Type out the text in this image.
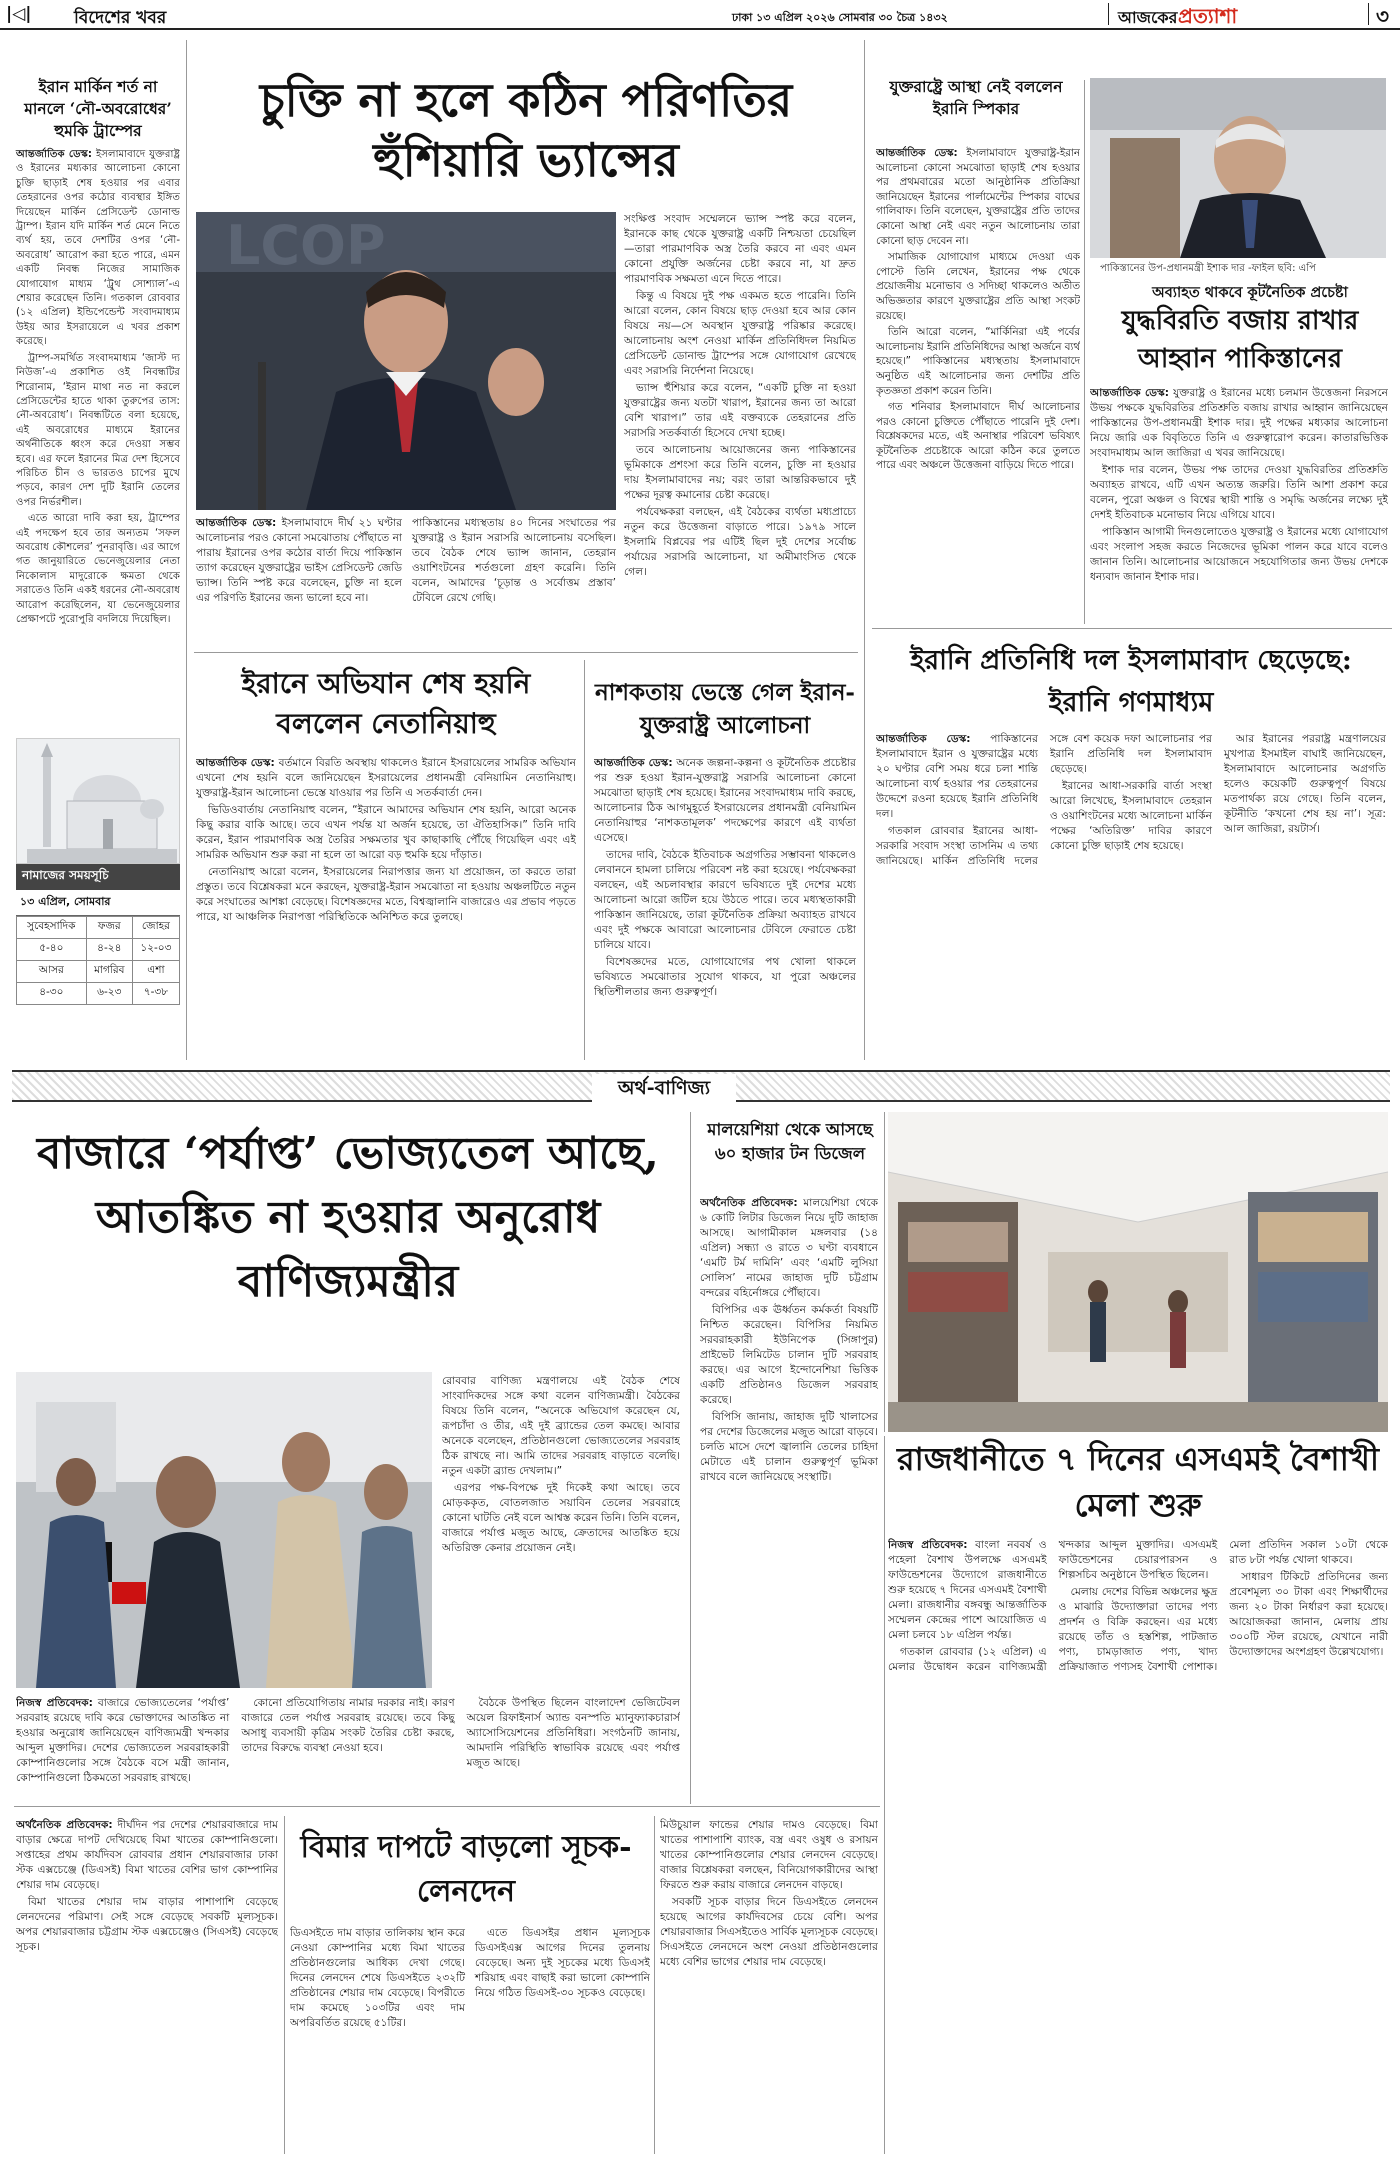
|◁|	বিদেশের খবর	ঢাকা ১৩ এপ্রিল ২০২৬ সোমবার ৩০ চৈত্র ১৪৩২	আজকের প্রত্যাশা	৩
ইরান মার্কিন শর্ত না মানলে ‘নৌ-অবরোধের’ হুমকি ট্রাম্পের

আন্তর্জাতিক ডেস্ক: ইসলামাবাদে যুক্তরাষ্ট্র ও ইরানের মধ্যকার আলোচনা কোনো চুক্তি ছাড়াই শেষ হওয়ার পর এবার তেহরানের ওপর কঠোর ব্যবস্থার ইঙ্গিত দিয়েছেন মার্কিন প্রেসিডেন্ট ডোনাল্ড ট্রাম্প। ইরান যদি মার্কিন শর্ত মেনে নিতে ব্যর্থ হয়, তবে দেশটির ওপর ‘নৌ-অবরোধ’ আরোপ করা হতে পারে, এমন একটি নিবন্ধ নিজের সামাজিক যোগাযোগ মাধ্যম ‘ট্রুথ সোশ্যাল’-এ শেয়ার করেছেন তিনি। গতকাল রোববার (১২ এপ্রিল) ইন্ডিপেন্ডেন্ট সংবাদমাধ্যম উইয় আর ইসরায়েলে এ খবর প্রকাশ করেছে।

ট্রাম্প-সমর্থিত সংবাদমাধ্যম ‘জাস্ট দ্য নিউজ’-এ প্রকাশিত ওই নিবন্ধটির শিরোনাম, ‘ইরান মাথা নত না করলে প্রেসিডেন্টের হাতে থাকা তুরুপের তাস: নৌ-অবরোধ’। নিবন্ধটিতে বলা হয়েছে, এই অবরোধের মাধ্যমে ইরানের অর্থনীতিকে ধ্বংস করে দেওয়া সম্ভব হবে। এর ফলে ইরানের মিত্র দেশ হিসেবে পরিচিত চীন ও ভারতও চাপের মুখে পড়বে, কারণ দেশ দুটি ইরানি তেলের ওপর নির্ভরশীল।

এতে আরো দাবি করা হয়, ট্রাম্পের এই পদক্ষেপ হবে তার অন্যতম ‘সফল অবরোধ কৌশলের’ পুনরাবৃত্তি। এর আগে গত জানুয়ারিতে ভেনেজুয়েলার নেতা নিকোলাস মাদুরোকে ক্ষমতা থেকে সরাতেও তিনি একই ধরনের নৌ-অবরোধ আরোপ করেছিলেন, যা ভেনেজুয়েলার প্রেক্ষাপটে পুরোপুরি বদলিয়ে দিয়েছিল।

নামাজের সময়সূচি
১৩ এপ্রিল, সোমবার
সুবেহসাদিক	ফজর	জোহর
৫-৪০	৪-২৪	১২-০৩
আসর	মাগরিব	এশা
৪-৩০	৬-২৩	৭-৩৮
চুক্তি না হলে কঠিন পরিণতির হুঁশিয়ারি ভ্যান্সের
LCOP

আন্তর্জাতিক ডেস্ক: ইসলামাবাদে দীর্ঘ ২১ ঘণ্টার আলোচনার পরও কোনো সমঝোতায় পৌঁছাতে না পারায় ইরানের ওপর কঠোর বার্তা দিয়ে পাকিস্তান ত্যাগ করেছেন যুক্তরাষ্ট্রের ভাইস প্রেসিডেন্ট জেডি ভ্যান্স। তিনি স্পষ্ট করে বলেছেন, চুক্তি না হলে এর পরিণতি ইরানের জন্য ভালো হবে না।

পাকিস্তানের মধ্যস্থতায় ৪০ দিনের সংঘাতের পর যুক্তরাষ্ট্র ও ইরান সরাসরি আলোচনায় বসেছিল। তবে বৈঠক শেষে ভ্যান্স জানান, তেহরান ওয়াশিংটনের শর্তগুলো গ্রহণ করেনি। তিনি বলেন, আমাদের ‘চূড়ান্ত ও সর্বোত্তম প্রস্তাব’ টেবিলে রেখে গেছি।

সংক্ষিপ্ত সংবাদ সম্মেলনে ভ্যান্স স্পষ্ট করে বলেন, ইরানকে কাছ থেকে যুক্তরাষ্ট্র একটি নিশ্চয়তা চেয়েছিল—তারা পারমাণবিক অস্ত্র তৈরি করবে না এবং এমন কোনো প্রযুক্তি অর্জনের চেষ্টা করবে না, যা দ্রুত পারমাণবিক সক্ষমতা এনে দিতে পারে।

কিন্তু এ বিষয়ে দুই পক্ষ একমত হতে পারেনি। তিনি আরো বলেন, কোন বিষয়ে ছাড় দেওয়া হবে আর কোন বিষয়ে নয়—সে অবস্থান যুক্তরাষ্ট্র পরিষ্কার করেছে। আলোচনায় অংশ নেওয়া মার্কিন প্রতিনিধিদল নিয়মিত প্রেসিডেন্ট ডোনাল্ড ট্রাম্পের সঙ্গে যোগাযোগ রেখেছে এবং সরাসরি নির্দেশনা নিয়েছে।

ভ্যান্স হুঁশিয়ার করে বলেন, “একটি চুক্তি না হওয়া যুক্তরাষ্ট্রের জন্য যতটা খারাপ, ইরানের জন্য তা আরো বেশি খারাপ।” তার এই বক্তব্যকে তেহরানের প্রতি সরাসরি সতর্কবার্তা হিসেবে দেখা হচ্ছে।

তবে আলোচনায় আয়োজনের জন্য পাকিস্তানের ভূমিকাকে প্রশংসা করে তিনি বলেন, চুক্তি না হওয়ার দায় ইসলামাবাদের নয়; বরং তারা আন্তরিকভাবে দুই পক্ষের দূরত্ব কমানোর চেষ্টা করেছে।

পর্যবেক্ষকরা বলছেন, এই বৈঠকের ব্যর্থতা মধ্যপ্রাচ্যে নতুন করে উত্তেজনা বাড়াতে পারে। ১৯৭৯ সালে ইসলামি বিপ্লবের পর এটিই ছিল দুই দেশের সর্বোচ্চ পর্যায়ের সরাসরি আলোচনা, যা অমীমাংসিত থেকে গেল।

ইরানে অভিযান শেষ হয়নি বললেন নেতানিয়াহু

আন্তর্জাতিক ডেস্ক: বর্তমানে বিরতি অবস্থায় থাকলেও ইরানে ইসরায়েলের সামরিক অভিযান এখনো শেষ হয়নি বলে জানিয়েছেন ইসরায়েলের প্রধানমন্ত্রী বেনিয়ামিন নেতানিয়াহু। যুক্তরাষ্ট্র-ইরান আলোচনা ভেস্তে যাওয়ার পর তিনি এ সতর্কবার্তা দেন।

ভিডিওবার্তায় নেতানিয়াহু বলেন, “ইরানে আমাদের অভিযান শেষ হয়নি, আরো অনেক কিছু করার বাকি আছে। তবে এখন পর্যন্ত যা অর্জন হয়েছে, তা ঐতিহাসিক।” তিনি দাবি করেন, ইরান পারমাণবিক অস্ত্র তৈরির সক্ষমতার খুব কাছাকাছি পৌঁছে গিয়েছিল এবং এই সামরিক অভিযান শুরু করা না হলে তা আরো বড় হুমকি হয়ে দাঁড়াত।

নেতানিয়াহু আরো বলেন, ইসরায়েলের নিরাপত্তার জন্য যা প্রয়োজন, তা করতে তারা প্রস্তুত। তবে বিশ্লেষকরা মনে করছেন, যুক্তরাষ্ট্র-ইরান সমঝোতা না হওয়ায় অঞ্চলটিতে নতুন করে সংঘাতের আশঙ্কা বেড়েছে। বিশেষজ্ঞদের মতে, বিশ্বজ্বালানি বাজারেও এর প্রভাব পড়তে পারে, যা আঞ্চলিক নিরাপত্তা পরিস্থিতিকে অনিশ্চিত করে তুলছে।

নাশকতায় ভেস্তে গেল ইরান-যুক্তরাষ্ট্র আলোচনা

আন্তর্জাতিক ডেস্ক: অনেক জল্পনা-কল্পনা ও কূটনৈতিক প্রচেষ্টার পর শুরু হওয়া ইরান-যুক্তরাষ্ট্র সরাসরি আলোচনা কোনো সমঝোতা ছাড়াই শেষ হয়েছে। ইরানের সংবাদমাধ্যম দাবি করছে, আলোচনার ঠিক আগমুহূর্তে ইসরায়েলের প্রধানমন্ত্রী বেনিয়ামিন নেতানিয়াহুর ‘নাশকতামূলক’ পদক্ষেপের কারণে এই ব্যর্থতা এসেছে।

তাদের দাবি, বৈঠকে ইতিবাচক অগ্রগতির সম্ভাবনা থাকলেও লেবাননে হামলা চালিয়ে পরিবেশ নষ্ট করা হয়েছে। পর্যবেক্ষকরা বলছেন, এই অচলাবস্থার কারণে ভবিষ্যতে দুই দেশের মধ্যে আলোচনা আরো জটিল হয়ে উঠতে পারে। তবে মধ্যস্থতাকারী পাকিস্তান জানিয়েছে, তারা কূটনৈতিক প্রক্রিয়া অব্যাহত রাখবে এবং দুই পক্ষকে আবারো আলোচনার টেবিলে ফেরাতে চেষ্টা চালিয়ে যাবে।

বিশেষজ্ঞদের মতে, যোগাযোগের পথ খোলা থাকলে ভবিষ্যতে সমঝোতার সুযোগ থাকবে, যা পুরো অঞ্চলের স্থিতিশীলতার জন্য গুরুত্বপূর্ণ।

যুক্তরাষ্ট্রে আস্থা নেই বললেন ইরানি স্পিকার

আন্তর্জাতিক ডেস্ক: ইসলামাবাদে যুক্তরাষ্ট্র-ইরান আলোচনা কোনো সমঝোতা ছাড়াই শেষ হওয়ার পর প্রথমবারের মতো আনুষ্ঠানিক প্রতিক্রিয়া জানিয়েছেন ইরানের পার্লামেন্টের স্পিকার বাঘের গালিবাফ। তিনি বলেছেন, যুক্তরাষ্ট্রের প্রতি তাদের কোনো আস্থা নেই এবং নতুন আলোচনায় তারা কোনো ছাড় দেবেন না।

সামাজিক যোগাযোগ মাধ্যমে দেওয়া এক পোস্টে তিনি লেখেন, ইরানের পক্ষ থেকে প্রয়োজনীয় মনোভাব ও সদিচ্ছা থাকলেও অতীত অভিজ্ঞতার কারণে যুক্তরাষ্ট্রের প্রতি আস্থা সংকট রয়েছে।

তিনি আরো বলেন, “মার্কিনিরা এই পর্বের আলোচনায় ইরানি প্রতিনিধিদের আস্থা অর্জনে ব্যর্থ হয়েছে।” পাকিস্তানের মধ্যস্থতায় ইসলামাবাদে অনুষ্ঠিত এই আলোচনার জন্য দেশটির প্রতি কৃতজ্ঞতা প্রকাশ করেন তিনি।

গত শনিবার ইসলামাবাদে দীর্ঘ আলোচনার পরও কোনো চুক্তিতে পৌঁছাতে পারেনি দুই দেশ। বিশ্লেষকদের মতে, এই অনাস্থার পরিবেশ ভবিষ্যৎ কূটনৈতিক প্রচেষ্টাকে আরো কঠিন করে তুলতে পারে এবং অঞ্চলে উত্তেজনা বাড়িয়ে দিতে পারে।

পাকিস্তানের উপ-প্রধানমন্ত্রী ইশাক দার -ফাইল ছবি: এপি

অব্যাহত থাকবে কূটনৈতিক প্রচেষ্টা

যুদ্ধবিরতি বজায় রাখার আহ্বান পাকিস্তানের

আন্তর্জাতিক ডেস্ক: যুক্তরাষ্ট্র ও ইরানের মধ্যে চলমান উত্তেজনা নিরসনে উভয় পক্ষকে যুদ্ধবিরতির প্রতিশ্রুতি বজায় রাখার আহ্বান জানিয়েছেন পাকিস্তানের উপ-প্রধানমন্ত্রী ইশাক দার। দুই পক্ষের মধ্যকার আলোচনা নিয়ে জারি এক বিবৃতিতে তিনি এ গুরুত্বারোপ করেন। কাতারভিত্তিক সংবাদমাধ্যম আল জাজিরা এ খবর জানিয়েছে।

ইশাক দার বলেন, উভয় পক্ষ তাদের দেওয়া যুদ্ধবিরতির প্রতিশ্রুতি অব্যাহত রাখবে, এটি এখন অত্যন্ত জরুরি। তিনি আশা প্রকাশ করে বলেন, পুরো অঞ্চল ও বিশ্বের স্থায়ী শান্তি ও সমৃদ্ধি অর্জনের লক্ষ্যে দুই দেশই ইতিবাচক মনোভাব নিয়ে এগিয়ে যাবে।

পাকিস্তান আগামী দিনগুলোতেও যুক্তরাষ্ট্র ও ইরানের মধ্যে যোগাযোগ এবং সংলাপ সহজ করতে নিজেদের ভূমিকা পালন করে যাবে বলেও জানান তিনি। আলোচনার আয়োজনে সহযোগিতার জন্য উভয় দেশকে ধন্যবাদ জানান ইশাক দার।

ইরানি প্রতিনিধি দল ইসলামাবাদ ছেড়েছে: ইরানি গণমাধ্যম

আন্তর্জাতিক ডেস্ক: পাকিস্তানের ইসলামাবাদে ইরান ও যুক্তরাষ্ট্রের মধ্যে ২০ ঘণ্টার বেশি সময় ধরে চলা শান্তি আলোচনা ব্যর্থ হওয়ার পর তেহরানের উদ্দেশে রওনা হয়েছে ইরানি প্রতিনিধি দল।

গতকাল রোববার ইরানের আধা-সরকারি সংবাদ সংস্থা তাসনিম এ তথ্য জানিয়েছে। মার্কিন প্রতিনিধি দলের সঙ্গে বেশ কয়েক দফা আলোচনার পর ইরানি প্রতিনিধি দল ইসলামাবাদ ছেড়েছে।

ইরানের আধা-সরকারি বার্তা সংস্থা আরো লিখেছে, ইসলামাবাদে তেহরান ও ওয়াশিংটনের মধ্যে আলোচনা মার্কিন পক্ষের ‘অতিরিক্ত’ দাবির কারণে কোনো চুক্তি ছাড়াই শেষ হয়েছে।

আর ইরানের পররাষ্ট্র মন্ত্রণালয়ের মুখপাত্র ইসমাইল বাঘাই জানিয়েছেন, ইসলামাবাদে আলোচনার অগ্রগতি হলেও কয়েকটি গুরুত্বপূর্ণ বিষয়ে মতপার্থক্য রয়ে গেছে। তিনি বলেন, কূটনীতি ‘কখনো শেষ হয় না’। সূত্র: আল জাজিরা, রয়টার্স।

অর্থ-বাণিজ্য
বাজারে ‘পর্যাপ্ত’ ভোজ্যতেল আছে, আতঙ্কিত না হওয়ার অনুরোধ বাণিজ্যমন্ত্রীর

রোববার বাণিজ্য মন্ত্রণালয়ে এই বৈঠক শেষে সাংবাদিকদের সঙ্গে কথা বলেন বাণিজ্যমন্ত্রী। বৈঠকের বিষয়ে তিনি বলেন, “অনেকে অভিযোগ করেছেন যে, রূপচাঁদা ও তীর, এই দুই ব্র্যান্ডের তেল কমছে। আবার অনেকে বলেছেন, প্রতিষ্ঠানগুলো ভোজ্যতেলের সরবরাহ ঠিক রাখছে না। আমি তাদের সরবরাহ বাড়াতে বলেছি। নতুন একটা ব্র্যান্ড দেখলাম।”

এরপর পক্ষ-বিপক্ষে দুই দিকেই কথা আছে। তবে মোড়ককৃত, বোতলজাত সয়াবিন তেলের সরবরাহে কোনো ঘাটতি নেই বলে আশ্বস্ত করেন তিনি। তিনি বলেন, বাজারে পর্যাপ্ত মজুত আছে, ক্রেতাদের আতঙ্কিত হয়ে অতিরিক্ত কেনার প্রয়োজন নেই।

নিজস্ব প্রতিবেদক: বাজারে ভোজ্যতেলের ‘পর্যাপ্ত’ সরবরাহ রয়েছে দাবি করে ভোক্তাদের আতঙ্কিত না হওয়ার অনুরোধ জানিয়েছেন বাণিজ্যমন্ত্রী খন্দকার আব্দুল মুক্তাদির। দেশের ভোজ্যতেল সরবরাহকারী কোম্পানিগুলোর সঙ্গে বৈঠকে বসে মন্ত্রী জানান, কোম্পানিগুলো ঠিকমতো সরবরাহ রাখছে।

কোনো প্রতিযোগিতায় নামার দরকার নাই। কারণ বাজারে তেল পর্যাপ্ত সরবরাহ রয়েছে। তবে কিছু অসাধু ব্যবসায়ী কৃত্রিম সংকট তৈরির চেষ্টা করছে, তাদের বিরুদ্ধে ব্যবস্থা নেওয়া হবে।

বৈঠকে উপস্থিত ছিলেন বাংলাদেশ ভেজিটেবল অয়েল রিফাইনার্স অ্যান্ড বনস্পতি ম্যানুফ্যাকচারার্স অ্যাসোসিয়েশনের প্রতিনিধিরা। সংগঠনটি জানায়, আমদানি পরিস্থিতি স্বাভাবিক রয়েছে এবং পর্যাপ্ত মজুত আছে।

মালয়েশিয়া থেকে আসছে ৬০ হাজার টন ডিজেল

অর্থনৈতিক প্রতিবেদক: মালয়েশিয়া থেকে ৬ কোটি লিটার ডিজেল নিয়ে দুটি জাহাজ আসছে। আগামীকাল মঙ্গলবার (১৪ এপ্রিল) সন্ধ্যা ও রাতে ৩ ঘণ্টা ব্যবধানে ‘এমটি টর্ম দামিনি’ এবং ‘এমটি লুসিয়া সোলিস’ নামের জাহাজ দুটি চট্টগ্রাম বন্দরের বহির্নোঙ্গরে পৌঁছাবে।

বিপিসির এক ঊর্ধ্বতন কর্মকর্তা বিষয়টি নিশ্চিত করেছেন। বিপিসির নিয়মিত সরবরাহকারী ইউনিপেক (সিঙ্গাপুর) প্রাইভেট লিমিটেড চালান দুটি সরবরাহ করছে। এর আগে ইন্দোনেশিয়া ভিত্তিক একটি প্রতিষ্ঠানও ডিজেল সরবরাহ করেছে।

বিপিসি জানায়, জাহাজ দুটি খালাসের পর দেশের ডিজেলের মজুত আরো বাড়বে। চলতি মাসে দেশে জ্বালানি তেলের চাহিদা মেটাতে এই চালান গুরুত্বপূর্ণ ভূমিকা রাখবে বলে জানিয়েছে সংস্থাটি।	রাজধানীতে ৭ দিনের এসএমই বৈশাখী মেলা শুরু

নিজস্ব প্রতিবেদক: বাংলা নববর্ষ ও পহেলা বৈশাখ উপলক্ষে এসএমই ফাউন্ডেশনের উদ্যোগে রাজধানীতে শুরু হয়েছে ৭ দিনের এসএমই বৈশাখী মেলা। রাজধানীর বঙ্গবন্ধু আন্তর্জাতিক সম্মেলন কেন্দ্রের পাশে আয়োজিত এ মেলা চলবে ১৮ এপ্রিল পর্যন্ত।

গতকাল রোববার (১২ এপ্রিল) এ মেলার উদ্বোধন করেন বাণিজ্যমন্ত্রী খন্দকার আব্দুল মুক্তাদির। এসএমই ফাউন্ডেশনের চেয়ারপারসন ও শিল্পসচিব অনুষ্ঠানে উপস্থিত ছিলেন।

মেলায় দেশের বিভিন্ন অঞ্চলের ক্ষুদ্র ও মাঝারি উদ্যোক্তারা তাদের পণ্য প্রদর্শন ও বিক্রি করছেন। এর মধ্যে রয়েছে তাঁত ও হস্তশিল্প, পাটজাত পণ্য, চামড়াজাত পণ্য, খাদ্য প্রক্রিয়াজাত পণ্যসহ বৈশাখী পোশাক। মেলা প্রতিদিন সকাল ১০টা থেকে রাত ৮টা পর্যন্ত খোলা থাকবে।

সাধারণ টিকিটে প্রতিদিনের জন্য প্রবেশমূল্য ৩০ টাকা এবং শিক্ষার্থীদের জন্য ২০ টাকা নির্ধারণ করা হয়েছে। আয়োজকরা জানান, মেলায় প্রায় ৩০০টি স্টল রয়েছে, যেখানে নারী উদ্যোক্তাদের অংশগ্রহণ উল্লেখযোগ্য।

অর্থনৈতিক প্রতিবেদক: দীর্ঘদিন পর দেশের শেয়ারবাজারে দাম বাড়ার ক্ষেত্রে দাপট দেখিয়েছে বিমা খাতের কোম্পানিগুলো। সপ্তাহের প্রথম কার্যদিবস রোববার প্রধান শেয়ারবাজার ঢাকা স্টক এক্সচেঞ্জে (ডিএসই) বিমা খাতের বেশির ভাগ কোম্পানির শেয়ার দাম বেড়েছে।

বিমা খাতের শেয়ার দাম বাড়ার পাশাপাশি বেড়েছে লেনদেনের পরিমাণ। সেই সঙ্গে বেড়েছে সবকটি মূল্যসূচক। অপর শেয়ারবাজার চট্টগ্রাম স্টক এক্সচেঞ্জেও (সিএসই) বেড়েছে সূচক।

বিমার দাপটে বাড়লো সূচক-লেনদেন

ডিএসইতে দাম বাড়ার তালিকায় স্থান করে নেওয়া কোম্পানির মধ্যে বিমা খাতের প্রতিষ্ঠানগুলোর আধিক্য দেখা গেছে। দিনের লেনদেন শেষে ডিএসইতে ২৩২টি প্রতিষ্ঠানের শেয়ার দাম বেড়েছে। বিপরীতে দাম কমেছে ১০৩টির এবং দাম অপরিবর্তিত রয়েছে ৫১টির।

এতে ডিএসইর প্রধান মূল্যসূচক ডিএসইএক্স আগের দিনের তুলনায় বেড়েছে। অন্য দুই সূচকের মধ্যে ডিএসই শরিয়াহ এবং বাছাই করা ভালো কোম্পানি নিয়ে গঠিত ডিএসই-৩০ সূচকও বেড়েছে।

মিউচুয়াল ফান্ডের শেয়ার দামও বেড়েছে। বিমা খাতের পাশাপাশি ব্যাংক, বস্ত্র এবং ওষুধ ও রসায়ন খাতের কোম্পানিগুলোর শেয়ার লেনদেন বেড়েছে। বাজার বিশ্লেষকরা বলছেন, বিনিয়োগকারীদের আস্থা ফিরতে শুরু করায় বাজারে লেনদেন বাড়ছে।

সবকটি সূচক বাড়ার দিনে ডিএসইতে লেনদেন হয়েছে আগের কার্যদিবসের চেয়ে বেশি। অপর শেয়ারবাজার সিএসইতেও সার্বিক মূল্যসূচক বেড়েছে। সিএসইতে লেনদেনে অংশ নেওয়া প্রতিষ্ঠানগুলোর মধ্যে বেশির ভাগের শেয়ার দাম বেড়েছে।
